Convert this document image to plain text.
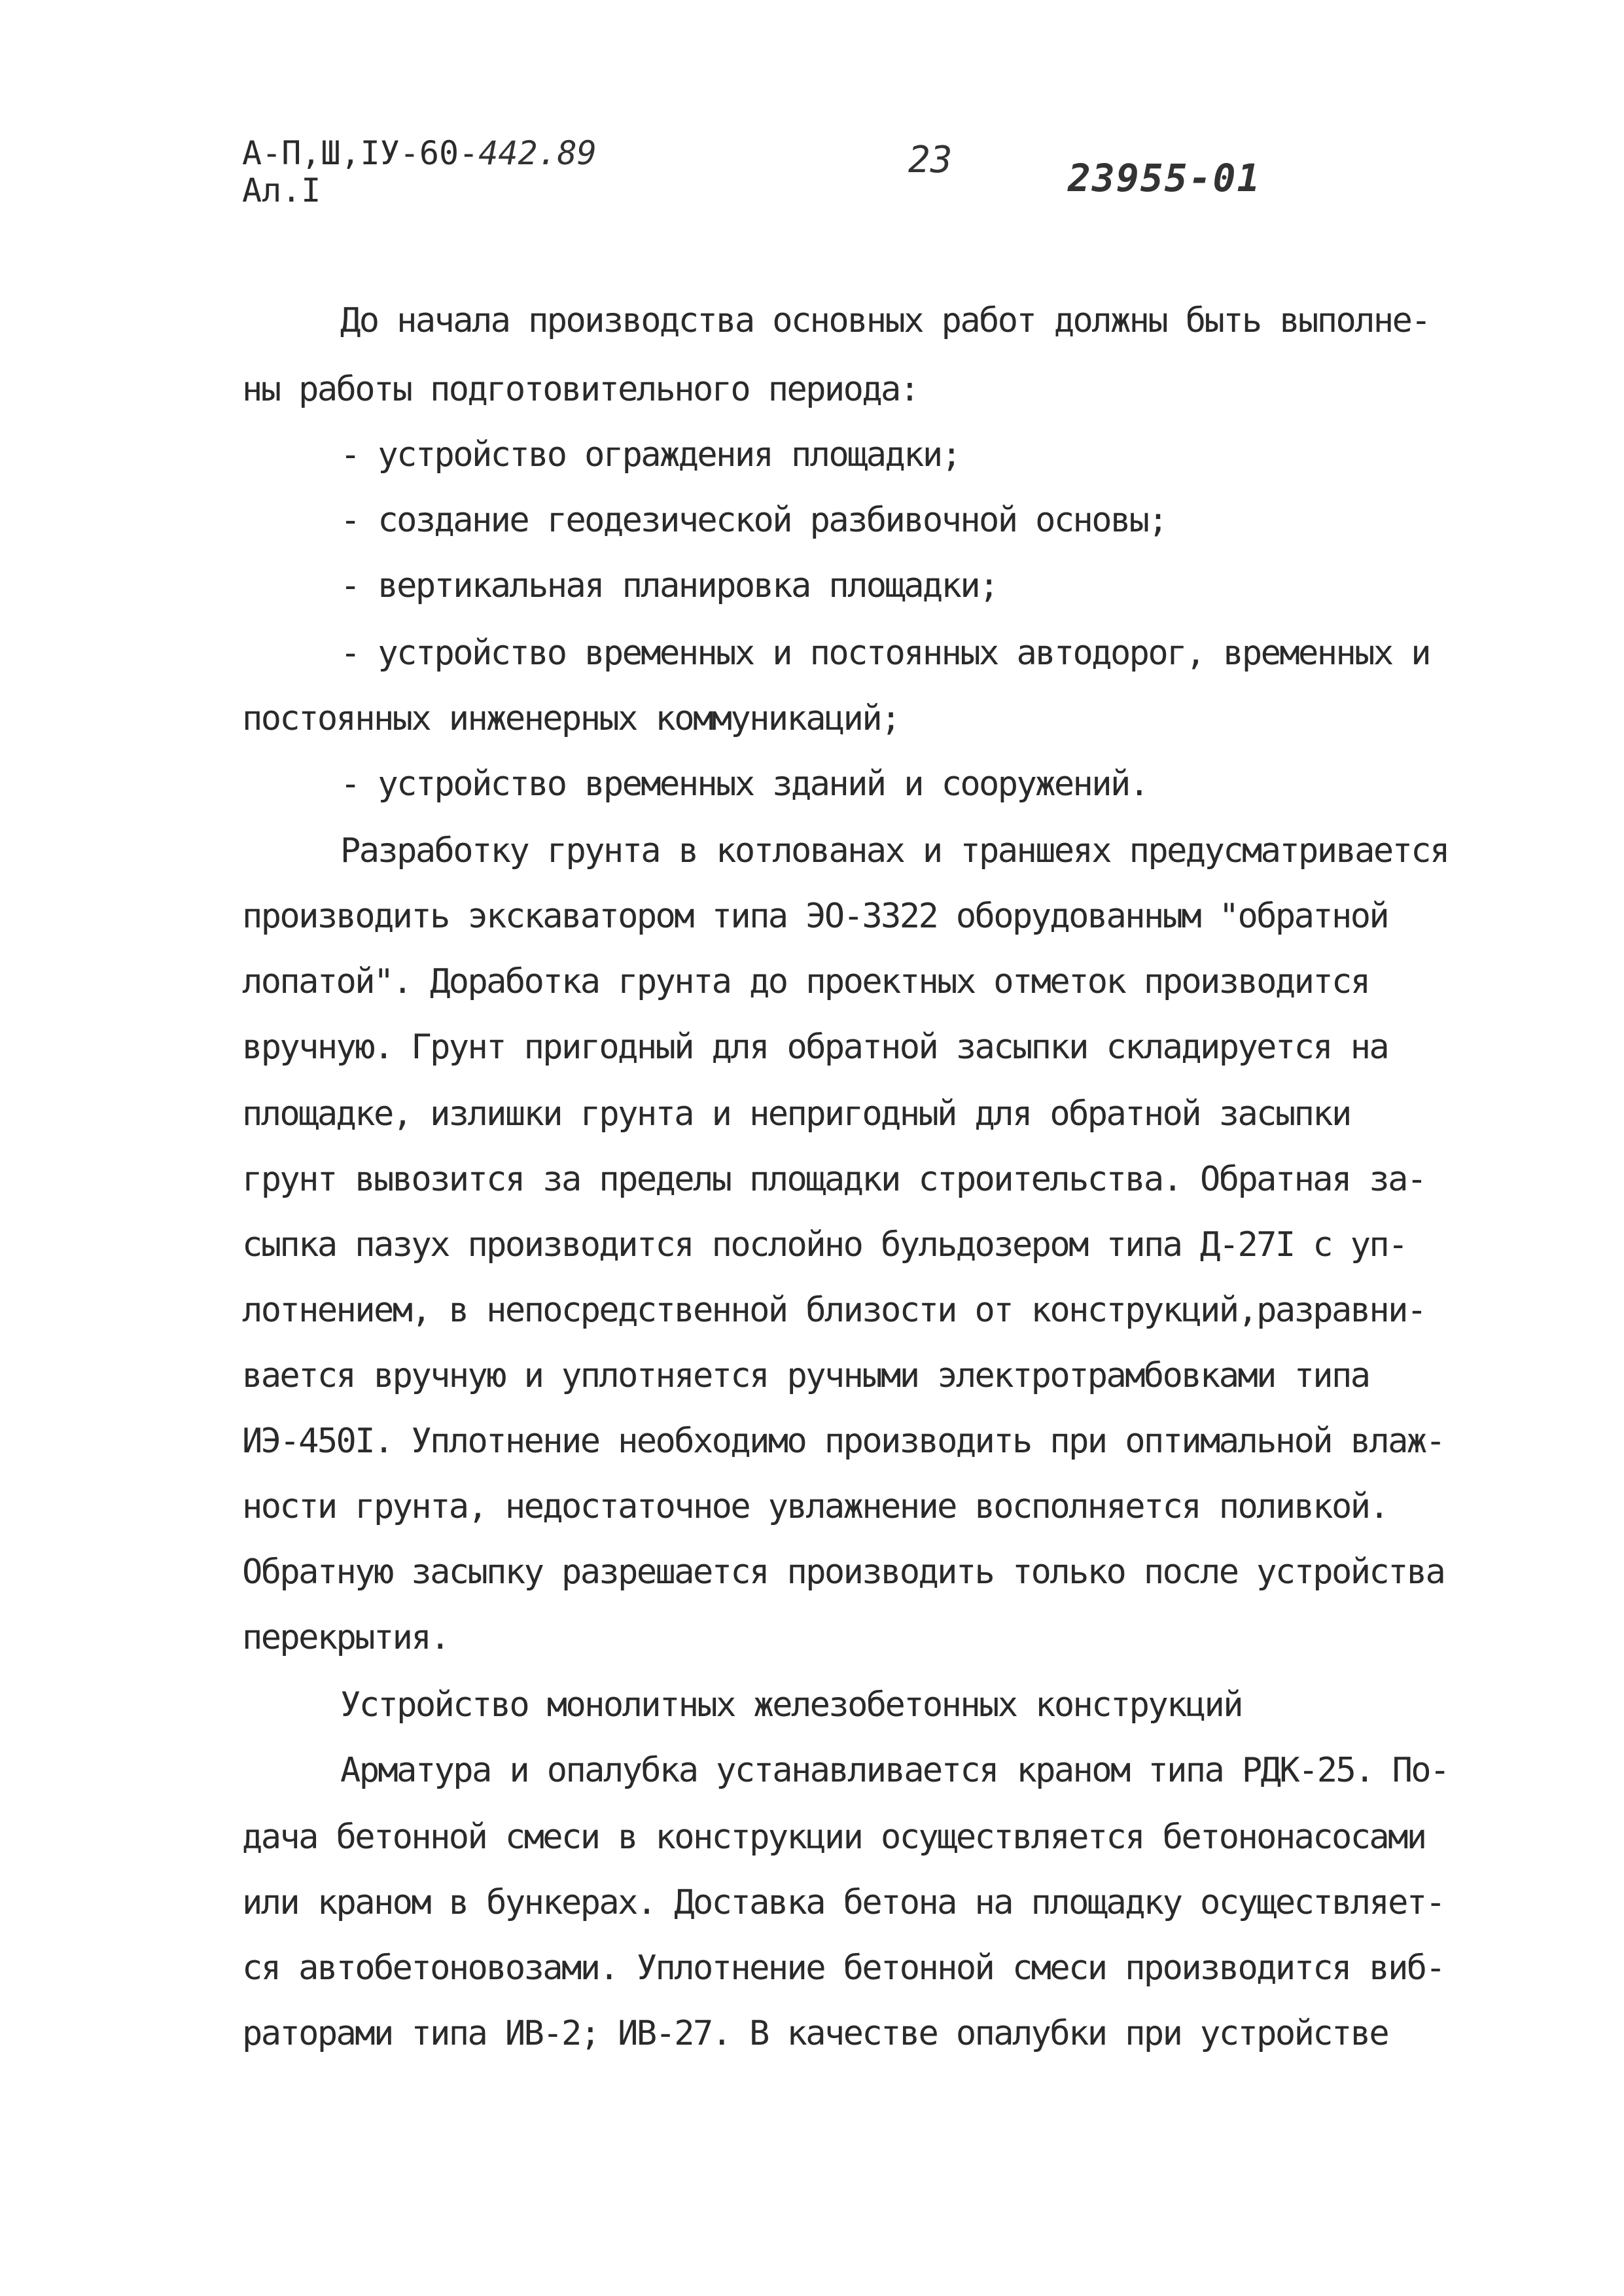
А-П,Ш,IУ-60-442.89
Ал.I
23	23955-01
До начала производства основных работ должны быть выполне-
ны работы подготовительного периода:
- устройство ограждения площадки;
- создание геодезической разбивочной основы;
- вертикальная планировка площадки;
- устройство временных и постоянных автодорог, временных и
постоянных инженерных коммуникаций;
- устройство временных зданий и сооружений.
Разработку грунта в котлованах и траншеях предусматривается
производить экскаватором типа ЭО-3322 оборудованным "обратной
лопатой". Доработка грунта до проектных отметок производится
вручную. Грунт пригодный для обратной засыпки складируется на
площадке, излишки грунта и непригодный для обратной засыпки
грунт вывозится за пределы площадки строительства. Обратная за-
сыпка пазух производится послойно бульдозером типа Д-27I с уп-
лотнением, в непосредственной близости от конструкций,разравни-
вается вручную и уплотняется ручными электротрамбовками типа
ИЭ-450I. Уплотнение необходимо производить при оптимальной влаж-
ности грунта, недостаточное увлажнение восполняется поливкой.
Обратную засыпку разрешается производить только после устройства
перекрытия.
Устройство монолитных железобетонных конструкций
Арматура и опалубка устанавливается краном типа РДК-25. По-
дача бетонной смеси в конструкции осуществляется бетононасосами
или краном в бункерах. Доставка бетона на площадку осуществляет-
ся автобетоновозами. Уплотнение бетонной смеси производится виб-
раторами типа ИВ-2; ИВ-27. В качестве опалубки при устройстве
